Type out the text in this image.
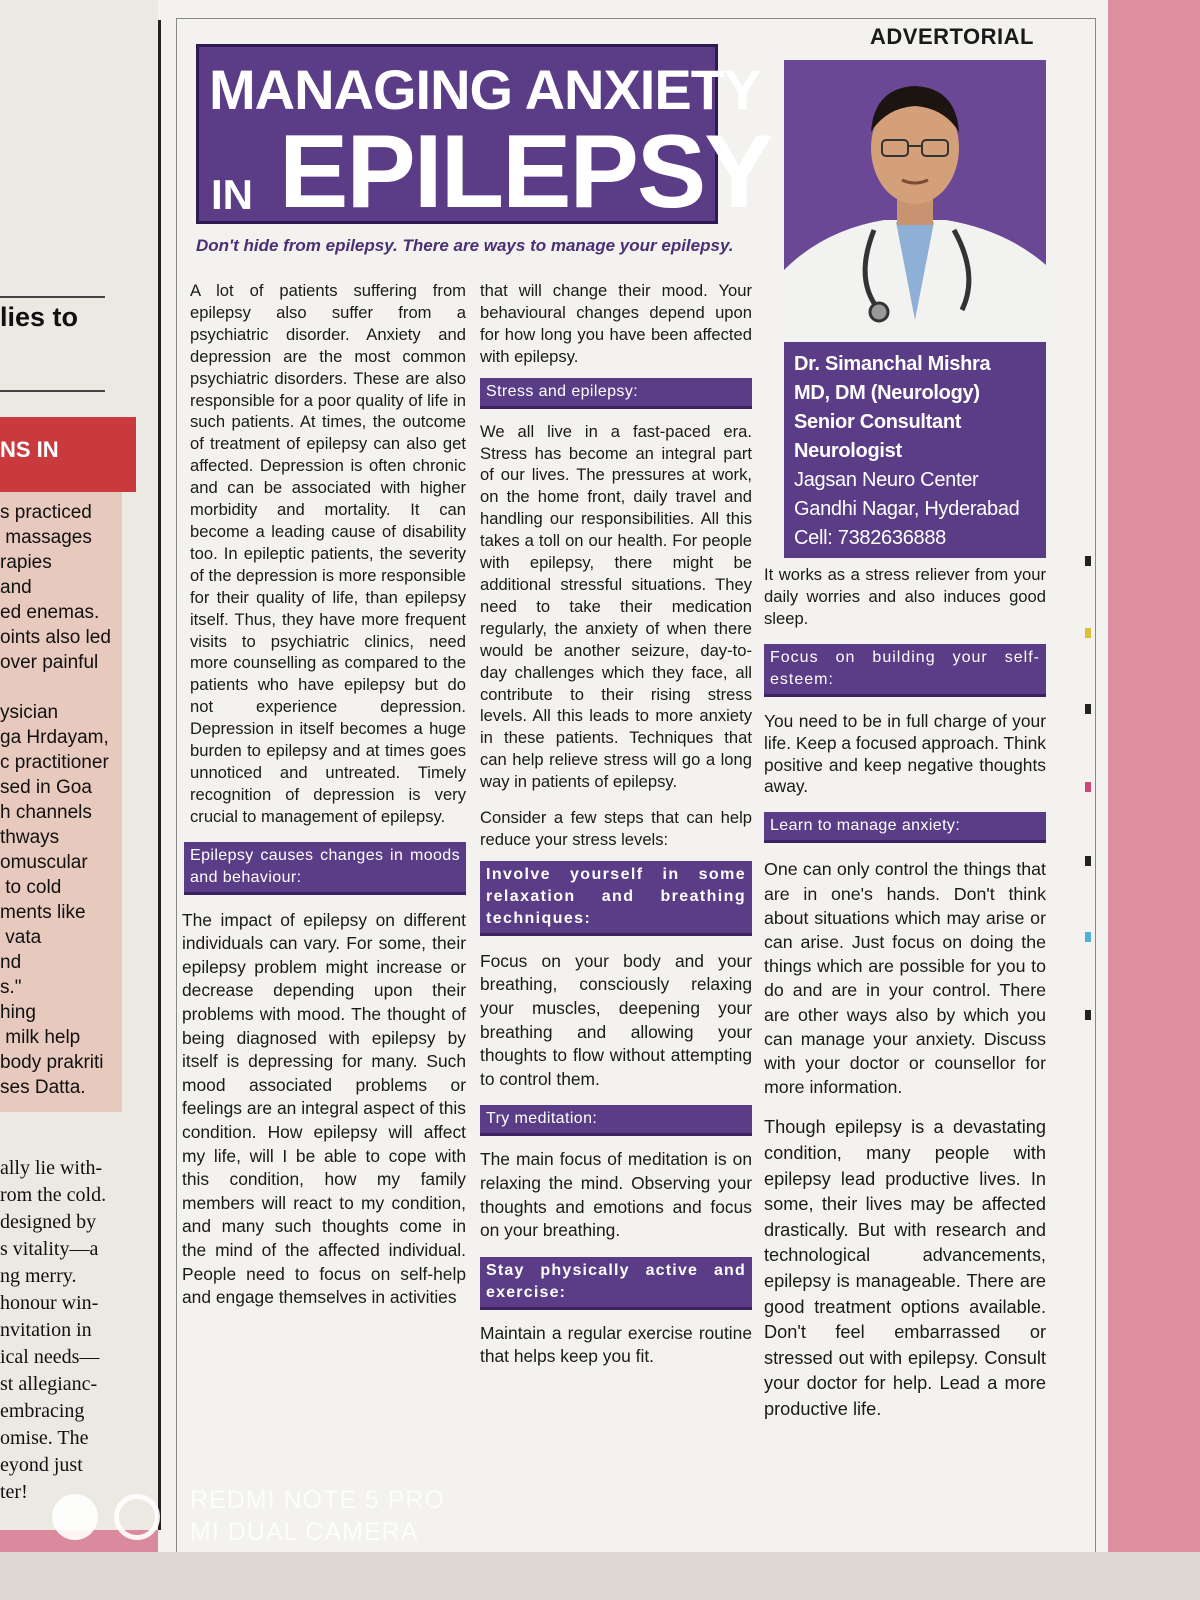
lies to
NS IN
s practiced
massages
rapies
and
ed enemas.
oints also led
over painful

ysician
ga Hrdayam,
c practitioner
sed in Goa
h channels
thways
omuscular
to cold
ments like
vata
nd
s."
hing
milk help
body prakriti
ses Datta.
ally lie with-
rom the cold.
designed by
s vitality—a
ng merry.
honour win-
nvitation in
ical needs—
st allegianc-
embracing
omise. The
eyond just
ter!
ADVERTORIAL
MANAGING ANXIETY
EPILEPSY
IN
Don't hide from epilepsy. There are ways to manage your epilepsy.
Dr. Simanchal Mishra
MD, DM (Neurology)
Senior Consultant
Neurologist
Jagsan Neuro Center
Gandhi Nagar, Hyderabad
Cell: 7382636888

A lot of patients suffering from epilepsy also suffer from a psychiatric disorder. Anxiety and depression are the most common psychiatric disorders. These are also responsible for a poor quality of life in such patients. At times, the outcome of treatment of epilepsy can also get affected. Depression is often chronic and can be associated with higher morbidity and mortality. It can become a leading cause of disability too. In epileptic patients, the severity of the depression is more responsible for their quality of life, than epilepsy itself. Thus, they have more frequent visits to psychiatric clinics, need more counselling as compared to the patients who have epilepsy but do not experience depression. Depression in itself becomes a huge burden to epilepsy and at times goes unnoticed and untreated. Timely recognition of depression is very crucial to management of epilepsy.

Epilepsy causes changes in moods and behaviour:

The impact of epilepsy on different individuals can vary. For some, their epilepsy problem might increase or decrease depending upon their problems with mood. The thought of being diagnosed with epilepsy by itself is depressing for many. Such mood associated problems or feelings are an integral aspect of this condition. How epilepsy will affect my life, will I be able to cope with this condition, how my family members will react to my condition, and many such thoughts come in the mind of the affected individual. People need to focus on self-help and engage themselves in activities

that will change their mood. Your behavioural changes depend upon for how long you have been affected with epilepsy.

Stress and epilepsy:

We all live in a fast-paced era. Stress has become an integral part of our lives. The pressures at work, on the home front, daily travel and handling our responsibilities. All this takes a toll on our health. For people with epilepsy, there might be additional stressful situations. They need to take their medication regularly, the anxiety of when there would be another seizure, day-to-day challenges which they face, all contribute to their rising stress levels. All this leads to more anxiety in these patients. Techniques that can help relieve stress will go a long way in patients of epilepsy.

Consider a few steps that can help reduce your stress levels:

Involve yourself in some relaxation and breathing techniques:

Focus on your body and your breathing, consciously relaxing your muscles, deepening your breathing and allowing your thoughts to flow without attempting to control them.

Try meditation:

The main focus of meditation is on relaxing the mind. Observing your thoughts and emotions and focus on your breathing.

Stay physically active and exercise:

Maintain a regular exercise routine that helps keep you fit.

It works as a stress reliever from your daily worries and also induces good sleep.

Focus on building your self-esteem:

You need to be in full charge of your life. Keep a focused approach. Think positive and keep negative thoughts away.

Learn to manage anxiety:

One can only control the things that are in one's hands. Don't think about situations which may arise or can arise. Just focus on doing the things which are possible for you to do and are in your control. There are other ways also by which you can manage your anxiety. Discuss with your doctor or counsellor for more information.

Though epilepsy is a devastating condition, many people with epilepsy lead productive lives. In some, their lives may be affected drastically. But with research and technological advancements, epilepsy is manageable. There are good treatment options available. Don't feel embarrassed or stressed out with epilepsy. Consult your doctor for help. Lead a more productive life.

REDMI NOTE 5 PRO
MI DUAL CAMERA
